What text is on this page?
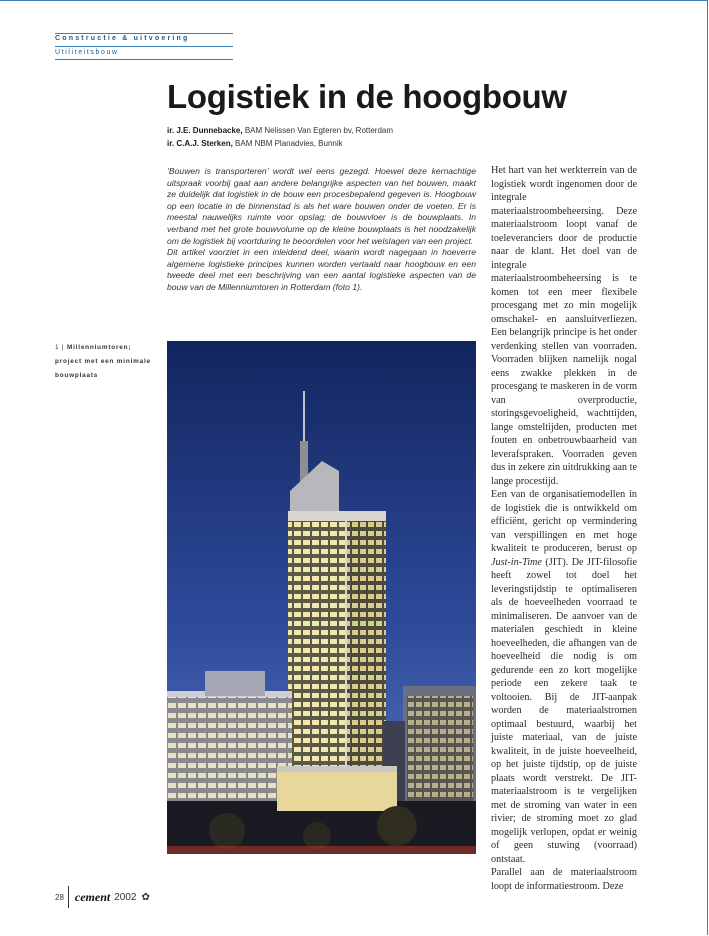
Constructie & uitvoering
Utiliteitsbouw
Logistiek in de hoogbouw
ir. J.E. Dunnebacke, BAM Nelissen Van Egteren bv, Rotterdam
ir. C.A.J. Sterken, BAM NBM Planadvies, Bunnik

‘Bouwen is transporteren’ wordt wel eens gezegd. Hoewel deze kernachtige uitspraak voorbij gaat aan andere belangrijke aspecten van het bouwen, maakt ze duidelijk dat logistiek in de bouw een procesbepalend gegeven is. Hoogbouw op een locatie in de binnenstad is als het ware bouwen onder de voeten. Er is meestal nauwelijks ruimte voor opslag; de bouwvloer is de bouwplaats. In verband met het grote bouwvolume op de kleine bouwplaats is het noodzakelijk om de logistiek bij voortduring te beoordelen voor het welslagen van een project.

Dit artikel voorziet in een inleidend deel, waarin wordt nagegaan in hoeverre algemene logistieke principes kunnen worden vertaald naar hoogbouw en een tweede deel met een beschrijving van een aantal logistieke aspecten van de bouw van de Millenniumtoren in Rotterdam (foto 1).

1 | Millenniumtoren; project met een minimale bouwplaats

Het hart van het werkterrein van de logistiek wordt ingenomen door de integrale materiaalstroombeheersing. Deze materiaalstroom loopt vanaf de toeleveranciers door de productie naar de klant. Het doel van de integrale materiaalstroombeheersing is te komen tot een meer flexibele procesgang met zo min mogelijk omschakel- en aansluitverliezen. Een belangrijk principe is het onder verdenking stellen van voorraden. Voorraden blijken namelijk nogal eens zwakke plekken in de procesgang te maskeren in de vorm van overproductie, storingsgevoeligheid, wachttijden, lange omsteltijden, producten met fouten en onbetrouwbaarheid van leverafspraken. Voorraden geven dus in zekere zin uitdrukking aan te lange procestijd.

Een van de organisatiemodellen in de logistiek die is ontwikkeld om efficiënt, gericht op vermindering van verspillingen en met hoge kwaliteit te produceren, berust op Just-in-Time (JIT). De JIT-filosofie heeft zowel tot doel het leveringstijdstip te optimaliseren als de hoeveelheden voorraad te minimaliseren. De aanvoer van de materialen geschiedt in kleine hoeveelheden, die afhangen van de hoeveelheid die nodig is om gedurende een zo kort mogelijke periode een zekere taak te voltooien. Bij de JIT-aanpak worden de materiaalstromen optimaal bestuurd, waarbij het juiste materiaal, van de juiste kwaliteit, in de juiste hoeveelheid, op het juiste tijdstip, op de juiste plaats wordt verstrekt. De JIT-materiaalstroom is te vergelijken met de stroming van water in een rivier; de stroming moet zo glad mogelijk verlopen, opdat er weinig of geen stuwing (voorraad) ontstaat.

Parallel aan de materiaalstroom loopt de informatiestroom. Deze

28 cement 2002 ✿
